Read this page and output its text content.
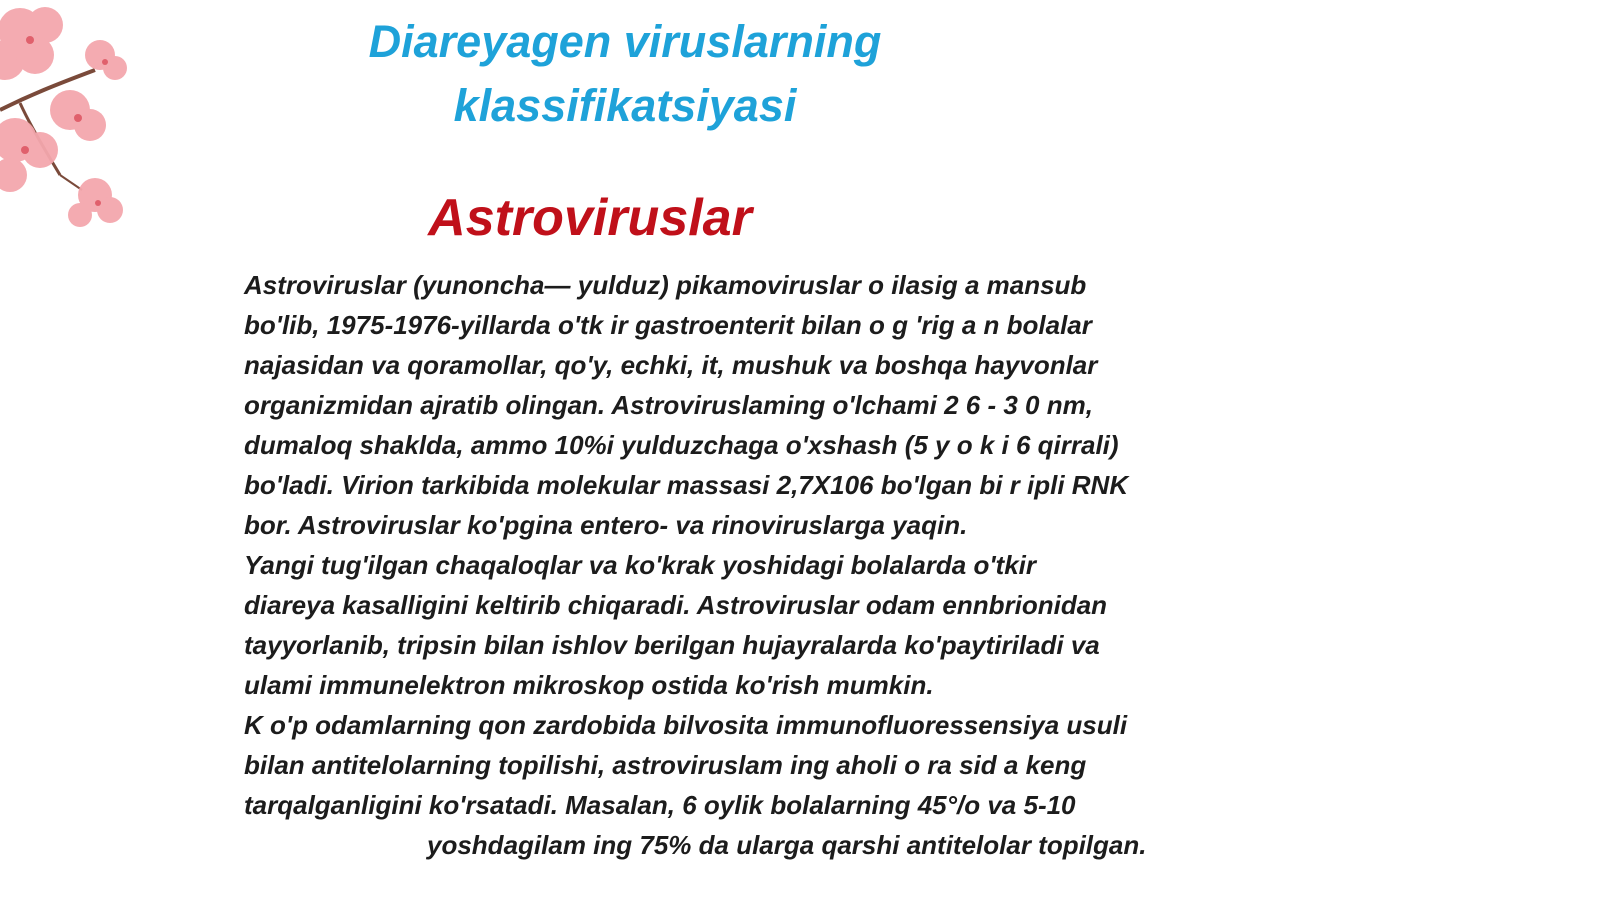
Diareyagen viruslarning
klassifikatsiyasi
Astroviruslar
Astroviruslar (yunoncha— yulduz) pikamoviruslar o ilasig a mansub
bo'lib, 1975-1976-yillarda o'tk ir gastroenterit bilan o g 'rig a n bolalar
najasidan va qoramollar, qo'y, echki, it, mushuk va boshqa hayvonlar
organizmidan ajratib olingan. Astroviruslaming o'lchami 2 6 - 3 0 nm,
dumaloq shaklda, ammo 10%i yulduzchaga o'xshash (5 y o k i 6 qirrali)
bo'ladi. Virion tarkibida molekular massasi 2,7X106 bo'lgan bi r ipli RNK
bor. Astroviruslar ko'pgina entero- va rinoviruslarga yaqin.
Yangi tug'ilgan chaqaloqlar va ko'krak yoshidagi bolalarda o'tkir
diareya kasalligini keltirib chiqaradi. Astroviruslar odam ennbrionidan
tayyorlanib, tripsin bilan ishlov berilgan hujayralarda ko'paytiriladi va
ulami immunelektron mikroskop ostida ko'rish mumkin.
K o'p odamlarning qon zardobida bilvosita immunofluoressensiya usuli
bilan antitelolarning topilishi, astroviruslam ing aholi o ra sid a keng
tarqalganligini ko'rsatadi. Masalan, 6 oylik bolalarning 45°/o va 5-10
yoshdagilam ing 75% da ularga qarshi antitelolar topilgan.
